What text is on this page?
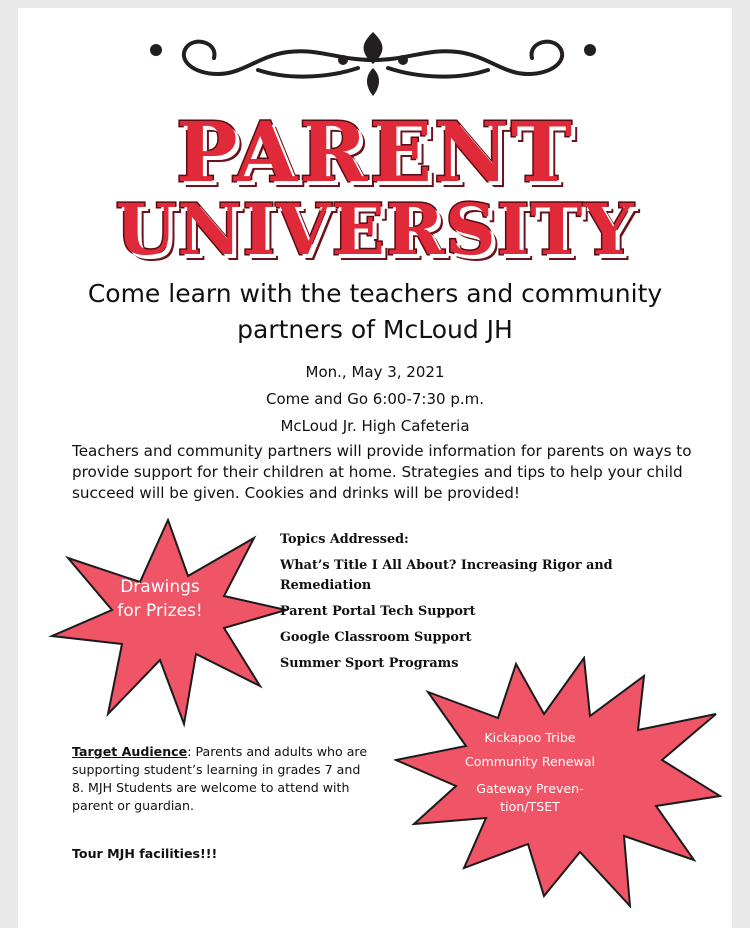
PARENT
UNIVERSITY
Come learn with the teachers and community
partners of McLoud JH
Mon., May 3, 2021
Come and Go 6:00-7:30 p.m.
McLoud Jr. High Cafeteria
Teachers and community partners will provide information for parents on ways to provide support for their children at home. Strategies and tips to help your child succeed will be given. Cookies and drinks will be provided!
Drawings
for Prizes!
Topics Addressed:
What’s Title I All About? Increasing Rigor and Remediation
Parent Portal Tech Support
Google Classroom Support
Summer Sport Programs
Kickapoo Tribe
Community Renewal
Gateway Preven-
tion/TSET
Target Audience: Parents and adults who are supporting student’s learning in grades 7 and 8. MJH Students are welcome to attend with parent or guardian.
Tour MJH facilities!!!
